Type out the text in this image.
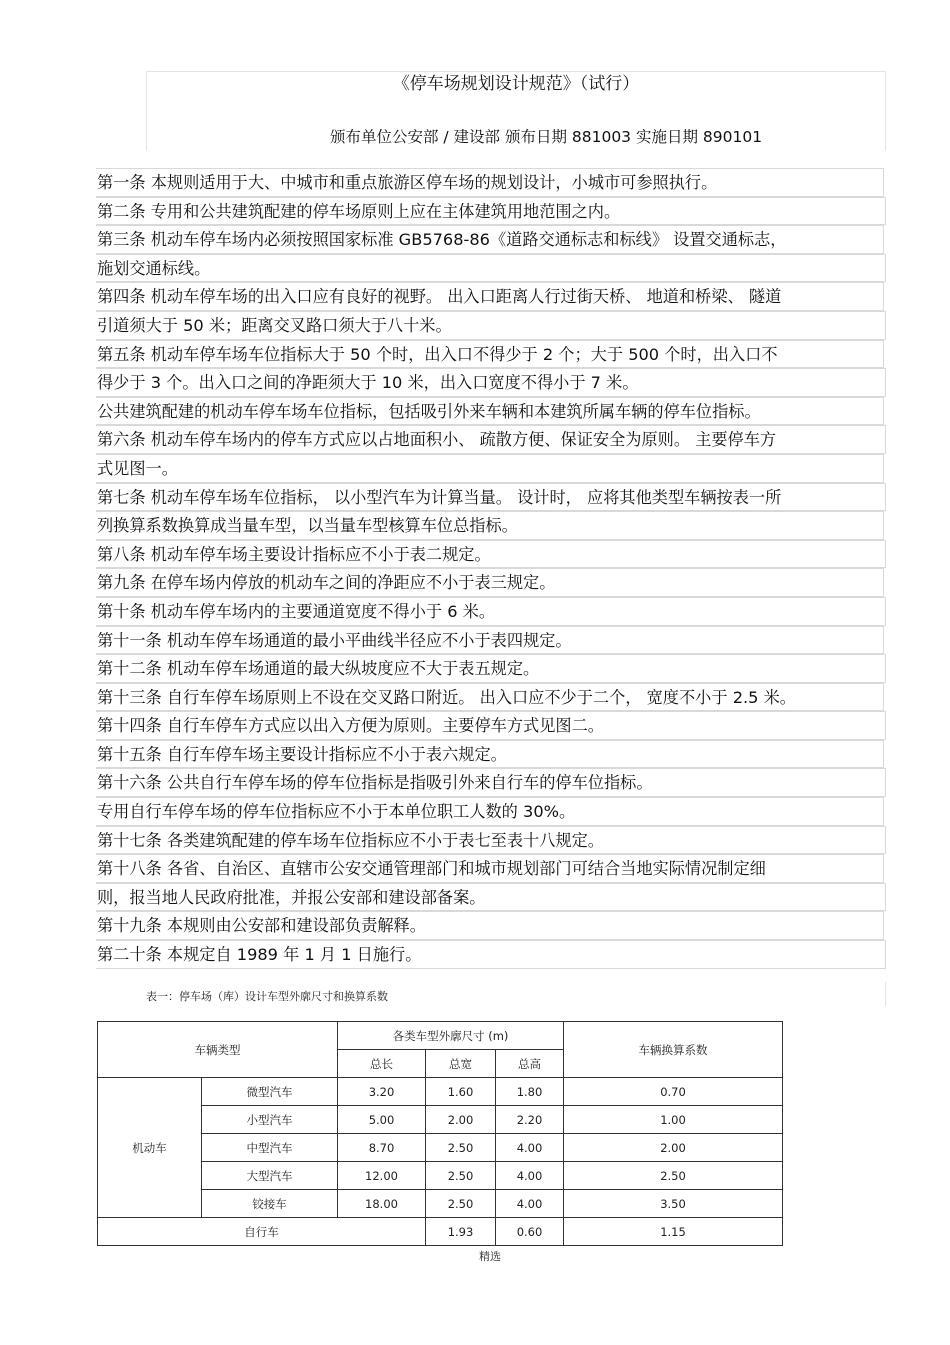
《停车场规划设计规范》（试行）
颁布单位公安部 / 建设部 颁布日期 881003 实施日期 890101
第一条 本规则适用于大、中城市和重点旅游区停车场的规划设计，小城市可参照执行。
第二条 专用和公共建筑配建的停车场原则上应在主体建筑用地范围之内。
第三条 机动车停车场内必须按照国家标准 GB5768-86《道路交通标志和标线》 设置交通标志，
施划交通标线。
第四条 机动车停车场的出入口应有良好的视野。 出入口距离人行过街天桥、 地道和桥梁、 隧道
引道须大于 50 米；距离交叉路口须大于八十米。
第五条 机动车停车场车位指标大于 50 个时，出入口不得少于 2 个；大于 500 个时，出入口不
得少于 3 个。出入口之间的净距须大于 10 米，出入口宽度不得小于 7 米。
公共建筑配建的机动车停车场车位指标，包括吸引外来车辆和本建筑所属车辆的停车位指标。
第六条 机动车停车场内的停车方式应以占地面积小、 疏散方便、保证安全为原则。 主要停车方
式见图一。
第七条 机动车停车场车位指标， 以小型汽车为计算当量。 设计时， 应将其他类型车辆按表一所
列换算系数换算成当量车型，以当量车型核算车位总指标。
第八条 机动车停车场主要设计指标应不小于表二规定。
第九条 在停车场内停放的机动车之间的净距应不小于表三规定。
第十条 机动车停车场内的主要通道宽度不得小于 6 米。
第十一条 机动车停车场通道的最小平曲线半径应不小于表四规定。
第十二条 机动车停车场通道的最大纵坡度应不大于表五规定。
第十三条 自行车停车场原则上不设在交叉路口附近。 出入口应不少于二个， 宽度不小于 2.5 米。
第十四条 自行车停车方式应以出入方便为原则。主要停车方式见图二。
第十五条 自行车停车场主要设计指标应不小于表六规定。
第十六条 公共自行车停车场的停车位指标是指吸引外来自行车的停车位指标。
专用自行车停车场的停车位指标应不小于本单位职工人数的 30%。
第十七条 各类建筑配建的停车场车位指标应不小于表七至表十八规定。
第十八条 各省、自治区、直辖市公安交通管理部门和城市规划部门可结合当地实际情况制定细
则，报当地人民政府批准，并报公安部和建设部备案。
第十九条 本规则由公安部和建设部负责解释。
第二十条 本规定自 1989 年 1 月 1 日施行。
表一：停车场（库）设计车型外廓尺寸和换算系数
车辆类型		各类车型外廓尺寸 (m)			车辆换算系数
		总长	总宽	总高	
机动车	微型汽车	3.20	1.60	1.80	0.70
	小型汽车	5.00	2.00	2.20	1.00
	中型汽车	8.70	2.50	4.00	2.00
	大型汽车	12.00	2.50	4.00	2.50
	铰接车	18.00	2.50	4.00	3.50
自行车			1.93	0.60	1.15
精选
